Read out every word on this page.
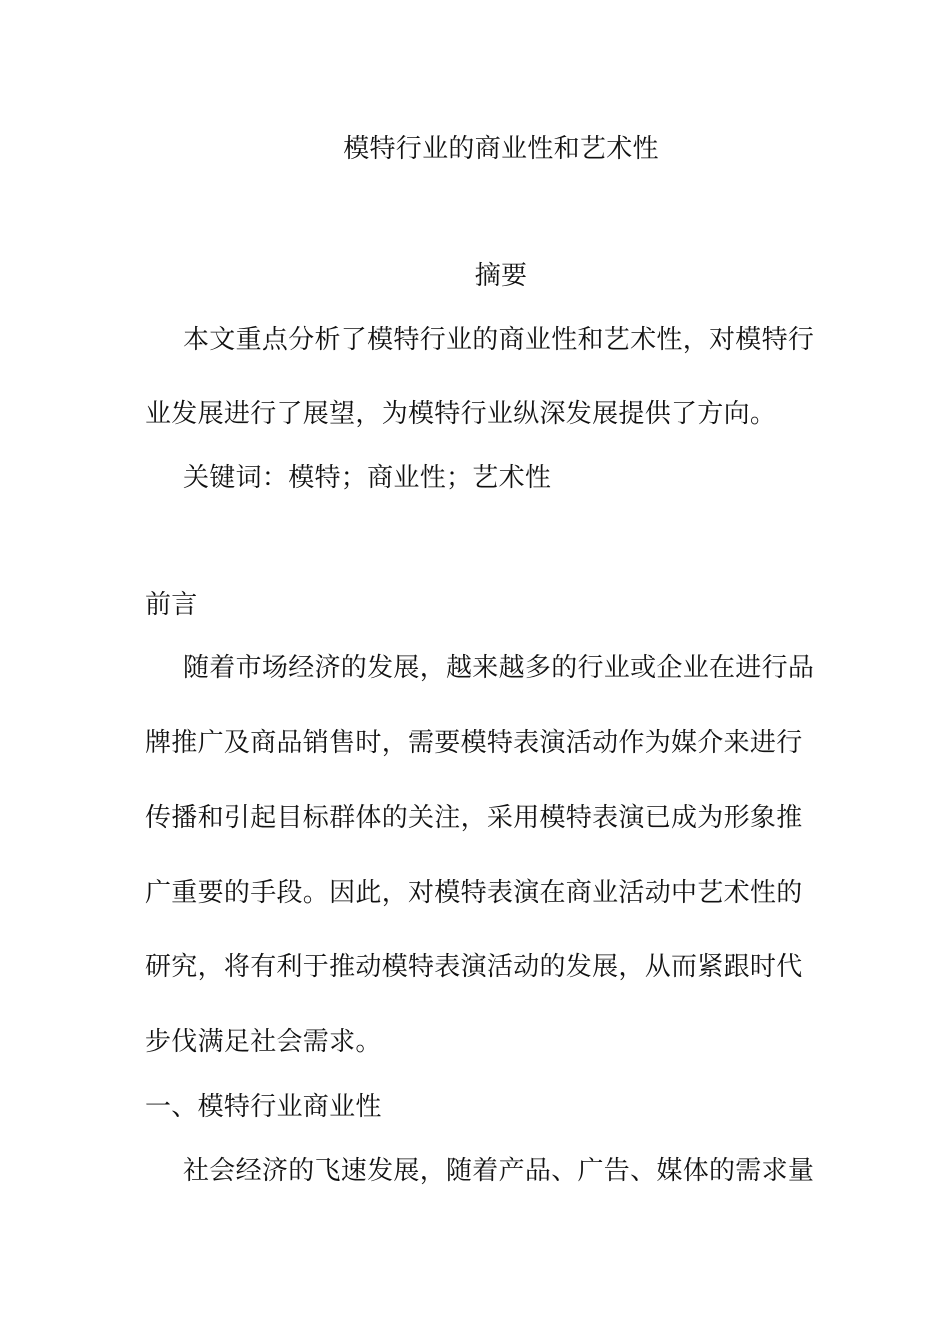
模特行业的商业性和艺术性
摘要
本文重点分析了模特行业的商业性和艺术性，对模特行
业发展进行了展望，为模特行业纵深发展提供了方向。
关键词：模特；商业性；艺术性
前言
随着市场经济的发展，越来越多的行业或企业在进行品
牌推广及商品销售时，需要模特表演活动作为媒介来进行
传播和引起目标群体的关注，采用模特表演已成为形象推
广重要的手段。因此，对模特表演在商业活动中艺术性的
研究，将有利于推动模特表演活动的发展，从而紧跟时代
步伐满足社会需求。
一、模特行业商业性
社会经济的飞速发展，随着产品、广告、媒体的需求量
